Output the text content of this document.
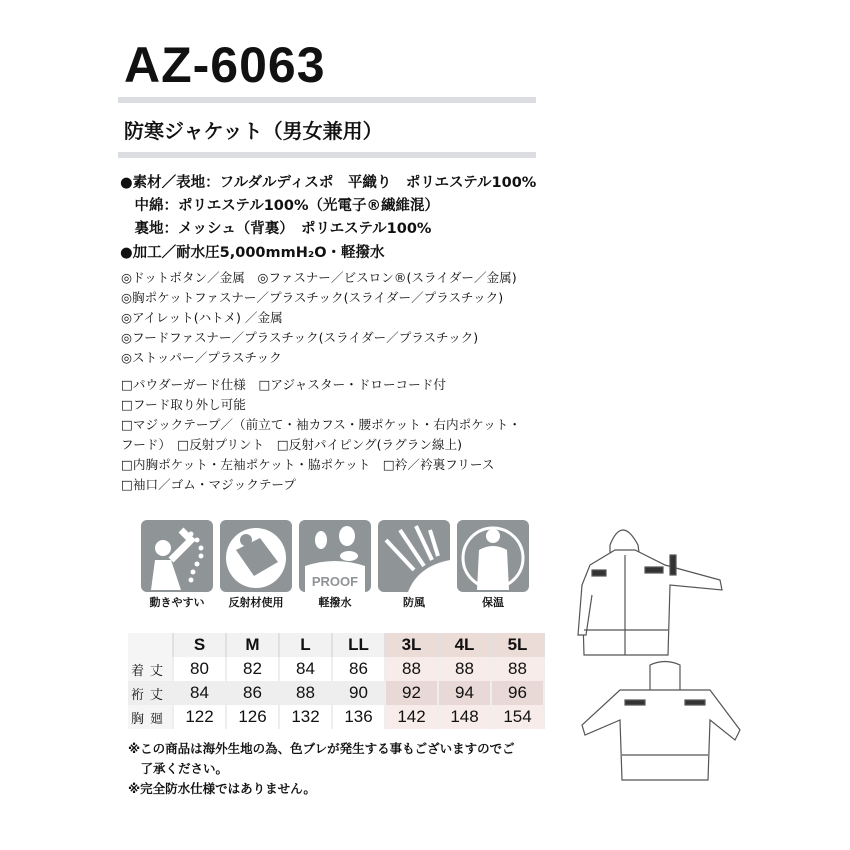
AZ-6063
防寒ジャケット（男女兼用）
●素材／表地：フルダルディスポ　平織り　ポリエステル100%
　中綿：ポリエステル100%（光電子®繊維混）
　裏地：メッシュ（背裏）　ポリエステル100%
●加工／耐水圧5,000mmH₂O・軽撥水
◎ドットボタン／金属　◎ファスナー／ビスロン®(スライダー／金属)
◎胸ポケットファスナー／プラスチック(スライダー／プラスチック)
◎アイレット(ハトメ) ／金属
◎フードファスナー／プラスチック(スライダー／プラスチック)
◎ストッパー／プラスチック
□パウダーガード仕様　□アジャスター・ドローコード付
□フード取り外し可能
□マジックテープ／（前立て・袖カフス・腰ポケット・右内ポケット・
フード）　□反射プリント　□反射パイピング(ラグラン線上)
□内胸ポケット・左袖ポケット・脇ポケット　□衿／衿裏フリース
□袖口／ゴム・マジックテープ
PROOF
動きやすい	反射材使用	軽撥水	防風	保温
	S	M	L	LL	3L	4L	5L
着丈	80	82	84	86	88	88	88
裄丈	84	86	88	90	92	94	96
胸廻	122	126	132	136	142	148	154
※この商品は海外生地の為、色ブレが発生する事もございますのでご
　了承ください。
※完全防水仕様ではありません。
